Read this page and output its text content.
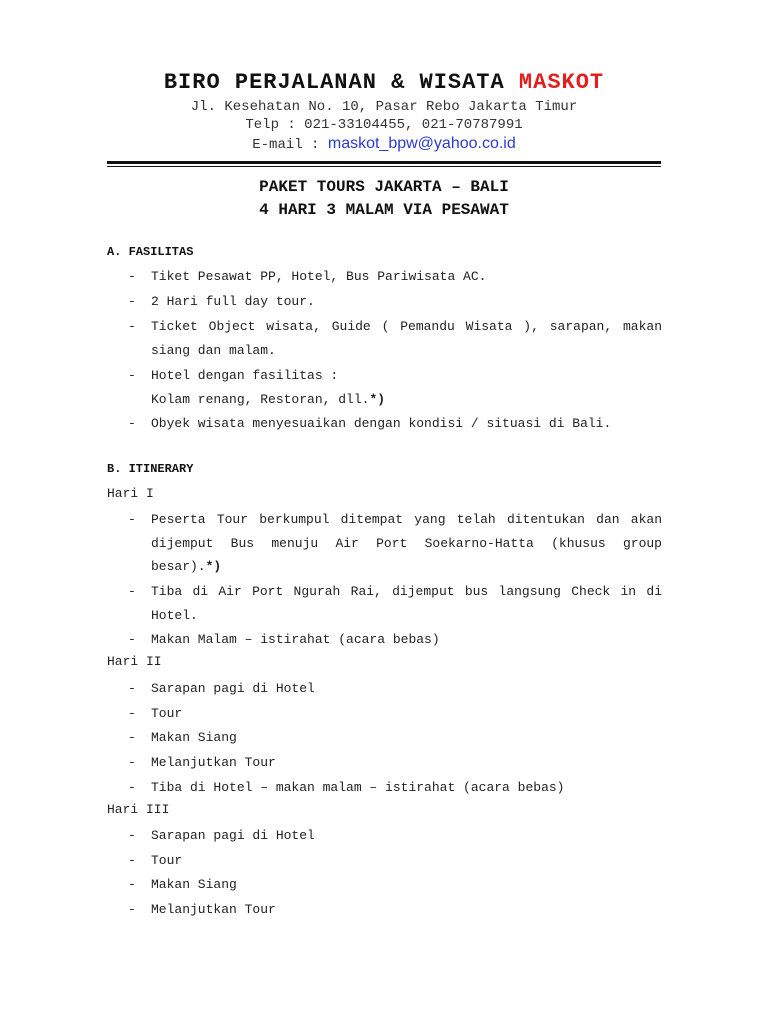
BIRO PERJALANAN & WISATA MASKOT
Jl. Kesehatan No. 10, Pasar Rebo Jakarta Timur
Telp : 021-33104455, 021-70787991
E-mail : maskot_bpw@yahoo.co.id
PAKET TOURS JAKARTA – BALI
4 HARI 3 MALAM VIA PESAWAT
A. FASILITAS
- Tiket Pesawat PP, Hotel, Bus Pariwisata AC.
- 2 Hari full day tour.
- Ticket Object wisata, Guide ( Pemandu Wisata ), sarapan, makan siang dan malam.
- Hotel dengan fasilitas :
Kolam renang, Restoran, dll.*)
- Obyek wisata menyesuaikan dengan kondisi / situasi di Bali.
B. ITINERARY
Hari I
- Peserta Tour berkumpul ditempat yang telah ditentukan dan akan dijemput Bus menuju Air Port Soekarno-Hatta (khusus group besar).*)
- Tiba di Air Port Ngurah Rai, dijemput bus langsung Check in di Hotel.
- Makan Malam – istirahat (acara bebas)
Hari II
- Sarapan pagi di Hotel
- Tour
- Makan Siang
- Melanjutkan Tour
- Tiba di Hotel – makan malam – istirahat (acara bebas)
Hari III
- Sarapan pagi di Hotel
- Tour
- Makan Siang
- Melanjutkan Tour
